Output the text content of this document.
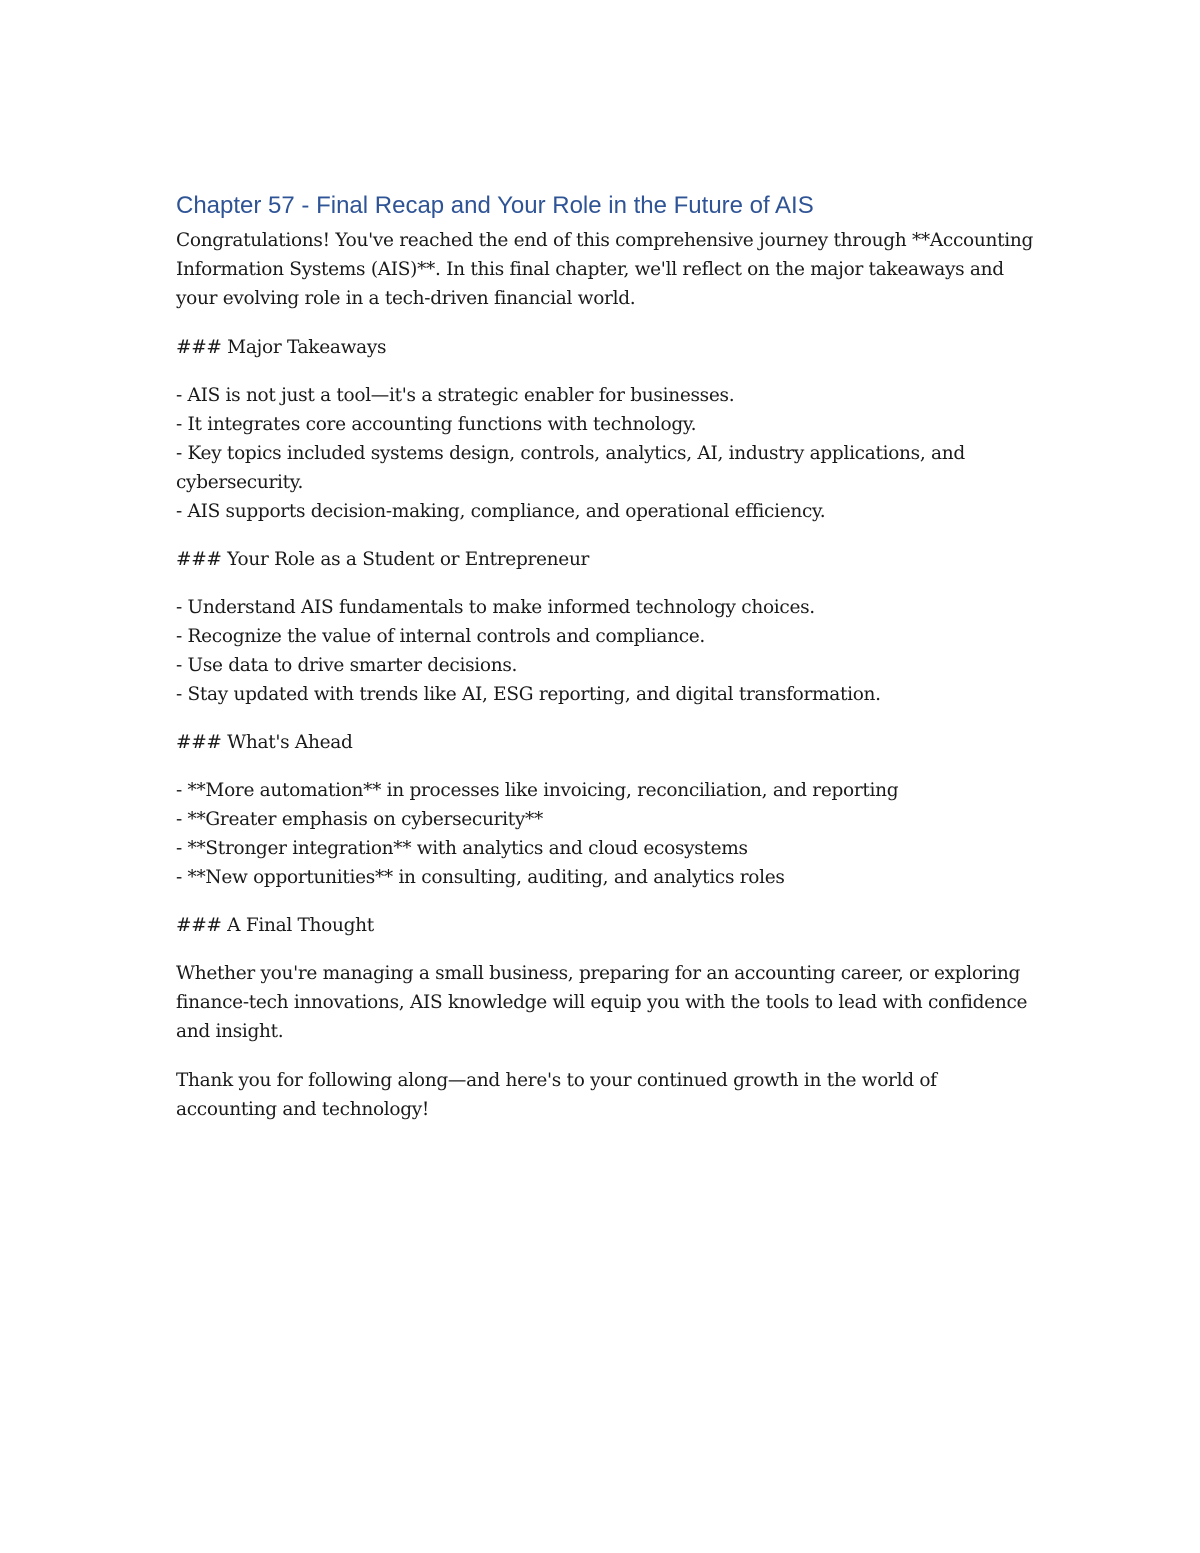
Chapter 57 - Final Recap and Your Role in the Future of AIS

Congratulations! You've reached the end of this comprehensive journey through **Accounting Information Systems (AIS)**. In this final chapter, we'll reflect on the major takeaways and your evolving role in a tech-driven financial world.

### Major Takeaways

- AIS is not just a tool—it's a strategic enabler for businesses.
- It integrates core accounting functions with technology.
- Key topics included systems design, controls, analytics, AI, industry applications, and cybersecurity.
- AIS supports decision-making, compliance, and operational efficiency.

### Your Role as a Student or Entrepreneur

- Understand AIS fundamentals to make informed technology choices.
- Recognize the value of internal controls and compliance.
- Use data to drive smarter decisions.
- Stay updated with trends like AI, ESG reporting, and digital transformation.

### What's Ahead

- **More automation** in processes like invoicing, reconciliation, and reporting
- **Greater emphasis on cybersecurity**
- **Stronger integration** with analytics and cloud ecosystems
- **New opportunities** in consulting, auditing, and analytics roles

### A Final Thought

Whether you're managing a small business, preparing for an accounting career, or exploring finance-tech innovations, AIS knowledge will equip you with the tools to lead with confidence and insight.

Thank you for following along—and here's to your continued growth in the world of accounting and technology!
